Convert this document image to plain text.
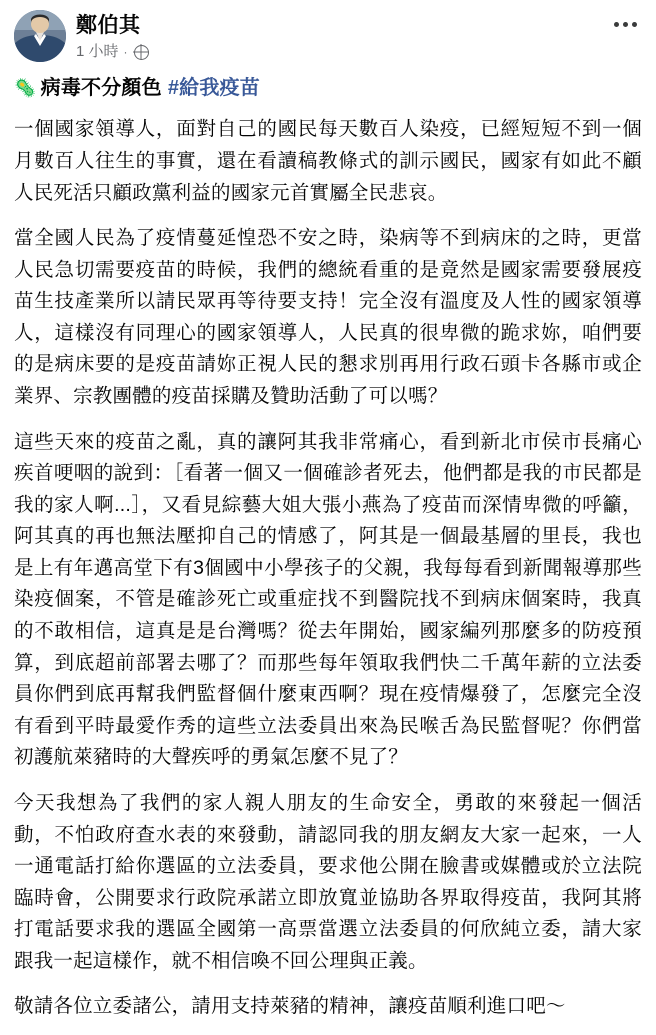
鄭伯其
1 小時 ·
🦠 病毒不分顏色 #給我疫苗

一個國家領導人，面對自己的國民每天數百人染疫，已經短短不到一個月數百人往生的事實，還在看讀稿教條式的訓示國民，國家有如此不顧人民死活只顧政黨利益的國家元首實屬全民悲哀。

當全國人民為了疫情蔓延惶恐不安之時，染病等不到病床的之時，更當人民急切需要疫苗的時候，我們的總統看重的是竟然是國家需要發展疫苗生技產業所以請民眾再等待要支持！完全沒有溫度及人性的國家領導人，這樣沒有同理心的國家領導人，人民真的很卑微的跪求妳，咱們要的是病床要的是疫苗請妳正視人民的懇求別再用行政石頭卡各縣市或企業界、宗教團體的疫苗採購及贊助活動了可以嗎？

這些天來的疫苗之亂，真的讓阿其我非常痛心，看到新北市侯市長痛心疾首哽咽的說到：［看著一個又一個確診者死去，他們都是我的市民都是我的家人啊...］，又看見綜藝大姐大張小燕為了疫苗而深情卑微的呼籲，阿其真的再也無法壓抑自己的情感了，阿其是一個最基層的里長，我也是上有年邁高堂下有3個國中小學孩子的父親，我每每看到新聞報導那些染疫個案，不管是確診死亡或重症找不到醫院找不到病床個案時，我真的不敢相信，這真是是台灣嗎？從去年開始，國家編列那麼多的防疫預算，到底超前部署去哪了？而那些每年領取我們快二千萬年薪的立法委員你們到底再幫我們監督個什麼東西啊？現在疫情爆發了，怎麼完全沒有看到平時最愛作秀的這些立法委員出來為民喉舌為民監督呢？你們當初護航萊豬時的大聲疾呼的勇氣怎麼不見了？

今天我想為了我們的家人親人朋友的生命安全，勇敢的來發起一個活動，不怕政府查水表的來發動，請認同我的朋友網友大家一起來，一人一通電話打給你選區的立法委員，要求他公開在臉書或媒體或於立法院臨時會，公開要求行政院承諾立即放寬並協助各界取得疫苗，我阿其將打電話要求我的選區全國第一高票當選立法委員的何欣純立委，請大家跟我一起這樣作，就不相信喚不回公理與正義。

敬請各位立委諸公，請用支持萊豬的精神，讓疫苗順利進口吧～
